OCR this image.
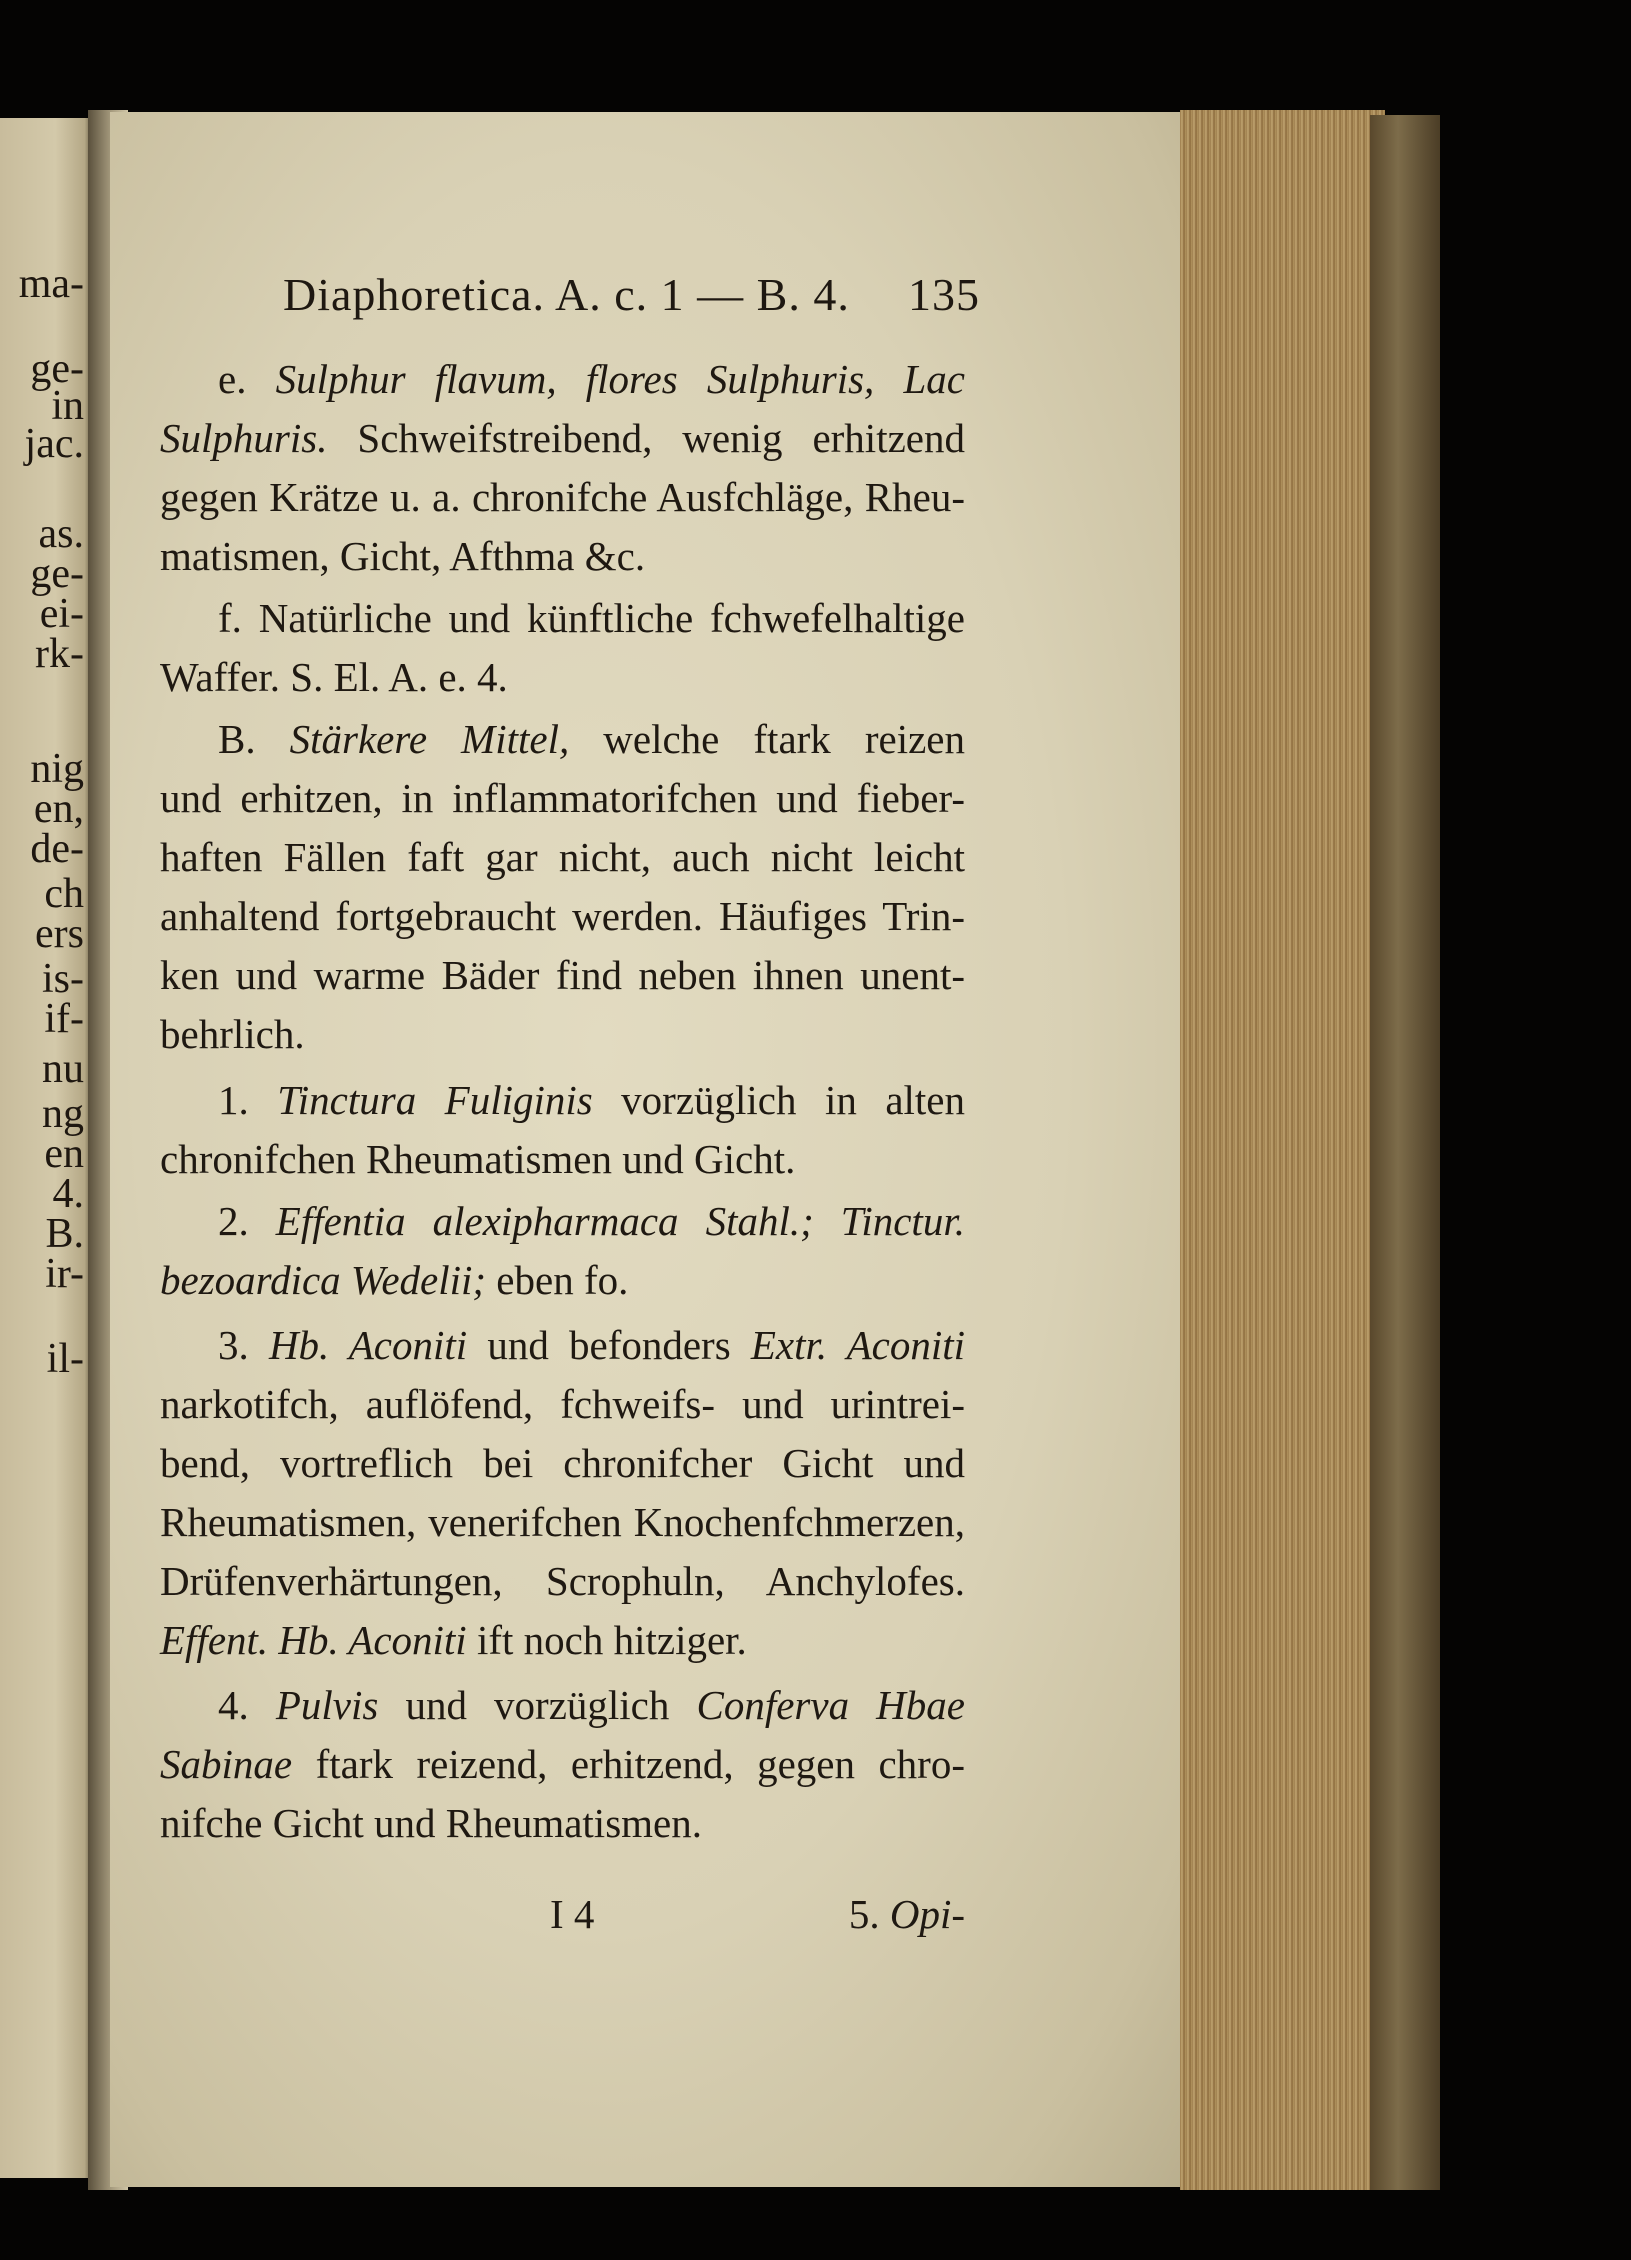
ma-
ge-
in
jac.
as.
ge-
ei-
rk-
nig
en,
de-
ch
ers
is-
if-
nu
ng
en
4.
B.
ir-
il-
Diaphoretica. A. c. 1 — B. 4. 135
e. Sulphur flavum, flores Sulphuris, Lac
Sulphuris. Schweifstreibend, wenig erhitzend
gegen Krätze u. a. chronifche Ausfchläge, Rheu-
matismen, Gicht, Afthma &c.
f. Natürliche und künftliche fchwefelhaltige
Waffer. S. El. A. e. 4.
B. Stärkere Mittel, welche ftark reizen
und erhitzen, in inflammatorifchen und fieber-
haften Fällen faft gar nicht, auch nicht leicht
anhaltend fortgebraucht werden. Häufiges Trin-
ken und warme Bäder find neben ihnen unent-
behrlich.
1. Tinctura Fuliginis vorzüglich in alten
chronifchen Rheumatismen und Gicht.
2. Effentia alexipharmaca Stahl.; Tinctur.
bezoardica Wedelii; eben fo.
3. Hb. Aconiti und befonders Extr. Aconiti
narkotifch, auflöfend, fchweifs- und urintrei-
bend, vortreflich bei chronifcher Gicht und
Rheumatismen, venerifchen Knochenfchmerzen,
Drüfenverhärtungen, Scrophuln, Anchylofes.
Effent. Hb. Aconiti ift noch hitziger.
4. Pulvis und vorzüglich Conferva Hbae
Sabinae ftark reizend, erhitzend, gegen chro-
nifche Gicht und Rheumatismen.
I 4	5. Opi-
